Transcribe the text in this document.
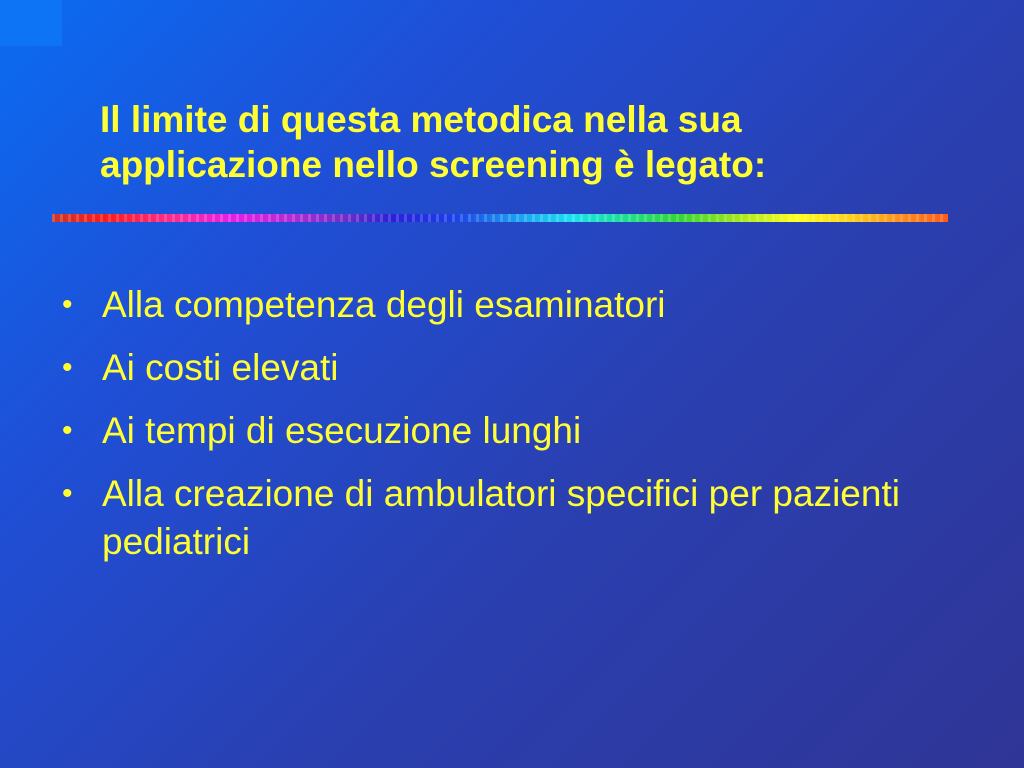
Il limite di questa metodica nella sua
applicazione nello screening è legato:
• Alla competenza degli esaminatori
• Ai costi elevati
• Ai tempi di esecuzione lunghi
• Alla creazione di ambulatori specifici per pazienti pediatrici
